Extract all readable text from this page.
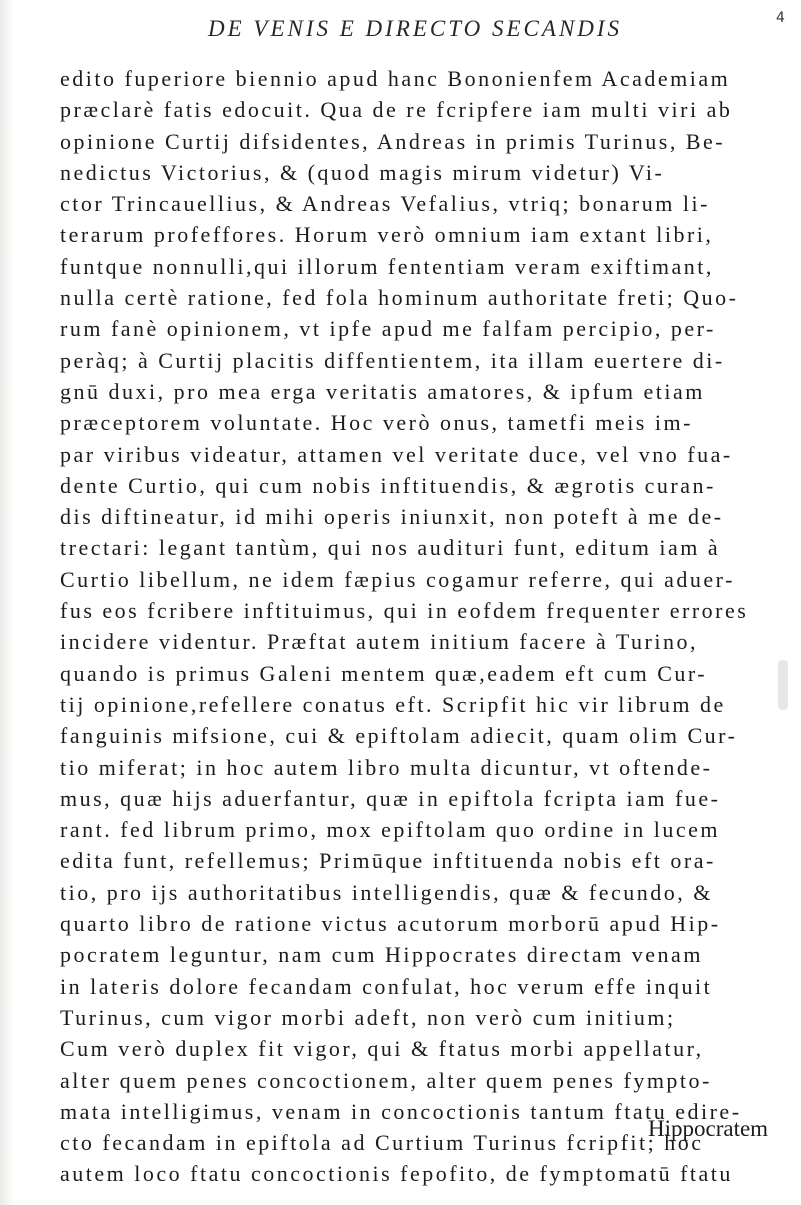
DE VENIS E DIRECTO SECANDIS	4
edito fuperiore biennio apud hanc Bononienfem Academiam
præclarè fatis edocuit. Qua de re fcripfere iam multi viri ab
opinione Curtij difsidentes, Andreas in primis Turinus, Be-
nedictus Victorius, & (quod magis mirum videtur) Vi-
ctor Trincauellius, & Andreas Vefalius, vtriq; bonarum li-
terarum profeffores. Horum verò omnium iam extant libri,
funtque nonnulli,qui illorum fententiam veram exiftimant,
nulla certè ratione, fed fola hominum authoritate freti; Quo-
rum fanè opinionem, vt ipfe apud me falfam percipio, per-
peràq; à Curtij placitis diffentientem, ita illam euertere di-
gnū duxi, pro mea erga veritatis amatores, & ipfum etiam
præceptorem voluntate. Hoc verò onus, tametfi meis im-
par viribus videatur, attamen vel veritate duce, vel vno fua-
dente Curtio, qui cum nobis inftituendis, & ægrotis curan-
dis diftineatur, id mihi operis iniunxit, non poteft à me de-
trectari: legant tantùm, qui nos audituri funt, editum iam à
Curtio libellum, ne idem fæpius cogamur referre, qui aduer-
fus eos fcribere inftituimus, qui in eofdem frequenter errores
incidere videntur. Præftat autem initium facere à Turino,
quando is primus Galeni mentem quæ,eadem eft cum Cur-
tij opinione,refellere conatus eft. Scripfit hic vir librum de
fanguinis mifsione, cui & epiftolam adiecit, quam olim Cur-
tio miferat; in hoc autem libro multa dicuntur, vt oftende-
mus, quæ hijs aduerfantur, quæ in epiftola fcripta iam fue-
rant. fed librum primo, mox epiftolam quo ordine in lucem
edita funt, refellemus; Primūque inftituenda nobis eft ora-
tio, pro ijs authoritatibus intelligendis, quæ & fecundo, &
quarto libro de ratione victus acutorum morborū apud Hip-
pocratem leguntur, nam cum Hippocrates directam venam
in lateris dolore fecandam confulat, hoc verum effe inquit
Turinus, cum vigor morbi adeft, non verò cum initium;
Cum verò duplex fit vigor, qui & ftatus morbi appellatur,
alter quem penes concoctionem, alter quem penes fympto-
mata intelligimus, venam in concoctionis tantum ftatu edire-
cto fecandam in epiftola ad Curtium Turinus fcripfit; hoc
autem loco ftatu concoctionis fepofito, de fymptomatū ftatu
Hippocratem
